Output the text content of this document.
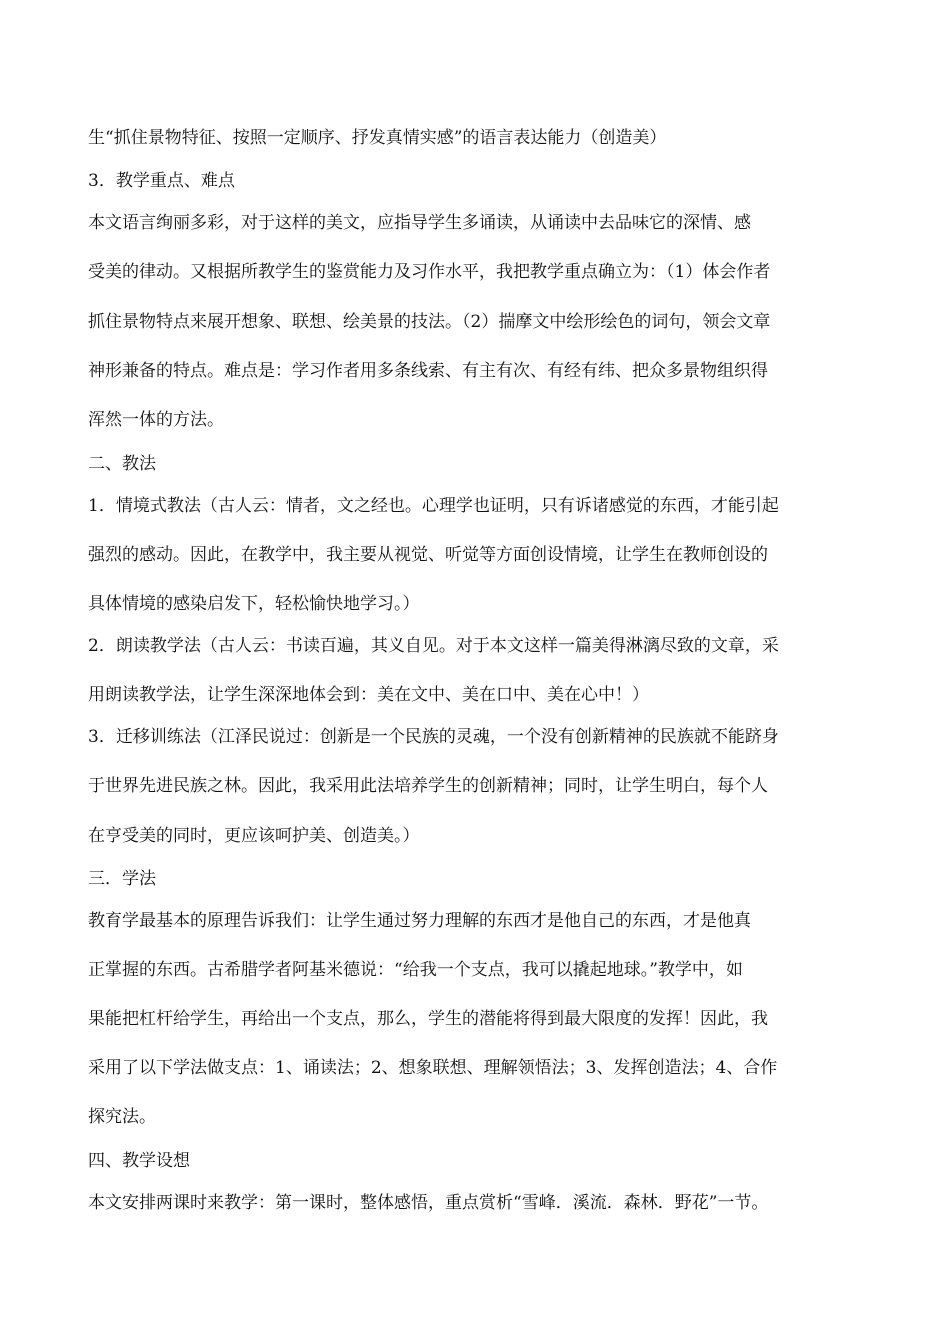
生“抓住景物特征、按照一定顺序、抒发真情实感”的语言表达能力（创造美）
3．教学重点、难点
本文语言绚丽多彩，对于这样的美文，应指导学生多诵读，从诵读中去品味它的深情、感
受美的律动。又根据所教学生的鉴赏能力及习作水平，我把教学重点确立为：（1）体会作者
抓住景物特点来展开想象、联想、绘美景的技法。（2）揣摩文中绘形绘色的词句，领会文章
神形兼备的特点。难点是：学习作者用多条线索、有主有次、有经有纬、把众多景物组织得
浑然一体的方法。
二、教法
1．情境式教法（古人云：情者，文之经也。心理学也证明，只有诉诸感觉的东西，才能引起
强烈的感动。因此，在教学中，我主要从视觉、听觉等方面创设情境，让学生在教师创设的
具体情境的感染启发下，轻松愉快地学习。）
2．朗读教学法（古人云：书读百遍，其义自见。对于本文这样一篇美得淋漓尽致的文章，采
用朗读教学法，让学生深深地体会到：美在文中、美在口中、美在心中！）
3．迁移训练法（江泽民说过：创新是一个民族的灵魂，一个没有创新精神的民族就不能跻身
于世界先进民族之林。因此，我采用此法培养学生的创新精神；同时，让学生明白，每个人
在亨受美的同时，更应该呵护美、创造美。）
三．学法
教育学最基本的原理告诉我们：让学生通过努力理解的东西才是他自己的东西，才是他真
正掌握的东西。古希腊学者阿基米德说：“给我一个支点，我可以撬起地球。”教学中，如
果能把杠杆给学生，再给出一个支点，那么，学生的潜能将得到最大限度的发挥！因此，我
采用了以下学法做支点：1、诵读法；2、想象联想、理解领悟法；3、发挥创造法；4、合作
探究法。
四、教学设想
本文安排两课时来教学：第一课时，整体感悟，重点赏析“雪峰．溪流．森林．野花”一节。
